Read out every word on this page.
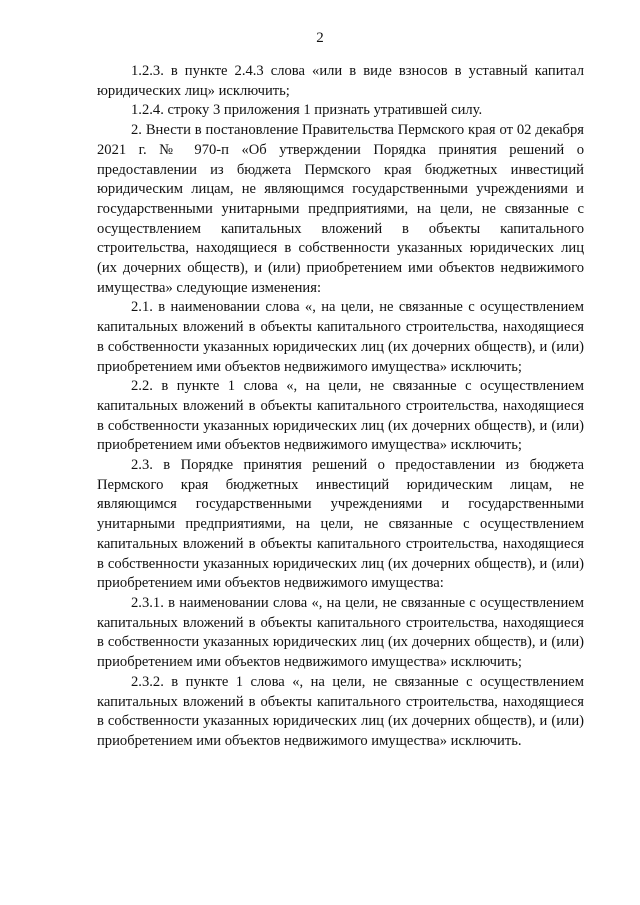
2

1.2.3. в пункте 2.4.3 слова «или в виде взносов в уставный капитал юридических лиц» исключить;

1.2.4. строку 3 приложения 1 признать утратившей силу.

2. Внести в постановление Правительства Пермского края от 02 декабря 2021 г. № 970-п «Об утверждении Порядка принятия решений о предоставлении из бюджета Пермского края бюджетных инвестиций юридическим лицам, не являющимся государственными учреждениями и государственными унитарными предприятиями, на цели, не связанные с осуществлением капитальных вложений в объекты капитального строительства, находящиеся в собственности указанных юридических лиц (их дочерних обществ), и (или) приобретением ими объектов недвижимого имущества» следующие изменения:

2.1. в наименовании слова «, на цели, не связанные с осуществлением капитальных вложений в объекты капитального строительства, находящиеся в собственности указанных юридических лиц (их дочерних обществ), и (или) приобретением ими объектов недвижимого имущества» исключить;

2.2. в пункте 1 слова «, на цели, не связанные с осуществлением капитальных вложений в объекты капитального строительства, находящиеся в собственности указанных юридических лиц (их дочерних обществ), и (или) приобретением ими объектов недвижимого имущества» исключить;

2.3. в Порядке принятия решений о предоставлении из бюджета Пермского края бюджетных инвестиций юридическим лицам, не являющимся государственными учреждениями и государственными унитарными предприятиями, на цели, не связанные с осуществлением капитальных вложений в объекты капитального строительства, находящиеся в собственности указанных юридических лиц (их дочерних обществ), и (или) приобретением ими объектов недвижимого имущества:

2.3.1. в наименовании слова «, на цели, не связанные с осуществлением капитальных вложений в объекты капитального строительства, находящиеся в собственности указанных юридических лиц (их дочерних обществ), и (или) приобретением ими объектов недвижимого имущества» исключить;

2.3.2. в пункте 1 слова «, на цели, не связанные с осуществлением капитальных вложений в объекты капитального строительства, находящиеся в собственности указанных юридических лиц (их дочерних обществ), и (или) приобретением ими объектов недвижимого имущества» исключить.
